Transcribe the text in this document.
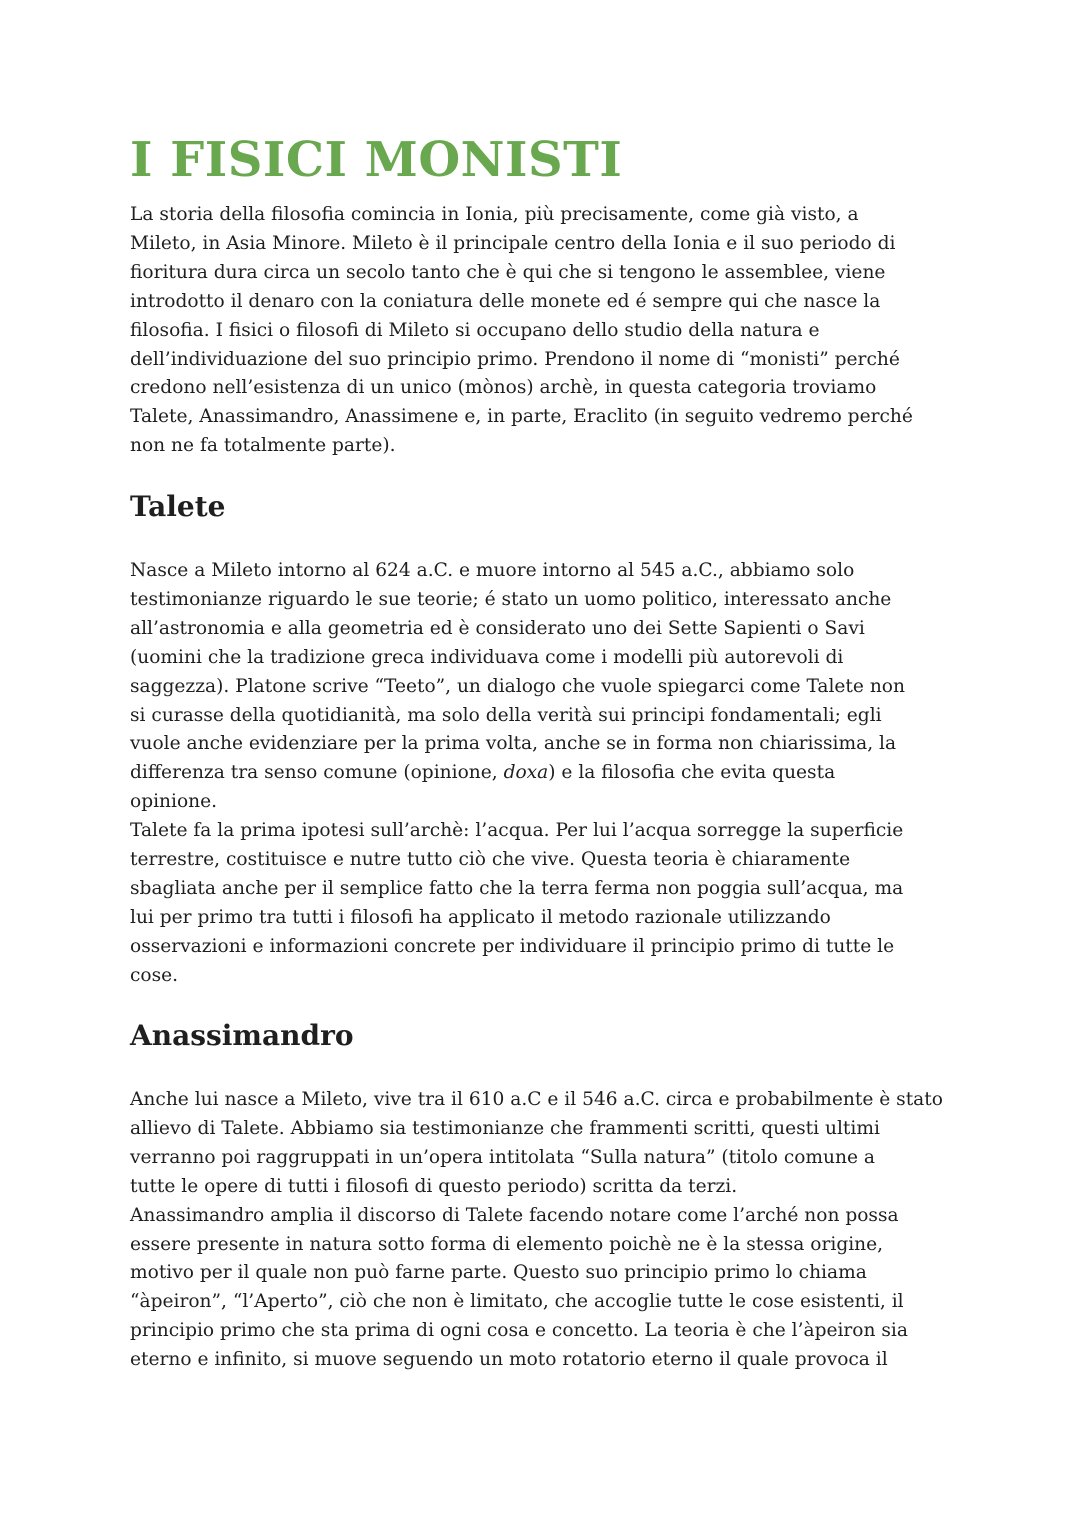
I FISICI MONISTI
La storia della filosofia comincia in Ionia, più precisamente, come già visto, a
Mileto, in Asia Minore. Mileto è il principale centro della Ionia e il suo periodo di
fioritura dura circa un secolo tanto che è qui che si tengono le assemblee, viene
introdotto il denaro con la coniatura delle monete ed é sempre qui che nasce la
filosofia. I fisici o filosofi di Mileto si occupano dello studio della natura e
dell’individuazione del suo principio primo. Prendono il nome di “monisti” perché
credono nell’esistenza di un unico (mònos) archè, in questa categoria troviamo
Talete, Anassimandro, Anassimene e, in parte, Eraclito (in seguito vedremo perché
non ne fa totalmente parte).
Talete
Nasce a Mileto intorno al 624 a.C. e muore intorno al 545 a.C., abbiamo solo
testimonianze riguardo le sue teorie; é stato un uomo politico, interessato anche
all’astronomia e alla geometria ed è considerato uno dei Sette Sapienti o Savi
(uomini che la tradizione greca individuava come i modelli più autorevoli di
saggezza). Platone scrive “Teeto”, un dialogo che vuole spiegarci come Talete non
si curasse della quotidianità, ma solo della verità sui principi fondamentali; egli
vuole anche evidenziare per la prima volta, anche se in forma non chiarissima, la
differenza tra senso comune (opinione, doxa) e la filosofia che evita questa
opinione.
Talete fa la prima ipotesi sull’archè: l’acqua. Per lui l’acqua sorregge la superficie
terrestre, costituisce e nutre tutto ciò che vive. Questa teoria è chiaramente
sbagliata anche per il semplice fatto che la terra ferma non poggia sull’acqua, ma
lui per primo tra tutti i filosofi ha applicato il metodo razionale utilizzando
osservazioni e informazioni concrete per individuare il principio primo di tutte le
cose.
Anassimandro
Anche lui nasce a Mileto, vive tra il 610 a.C e il 546 a.C. circa e probabilmente è stato
allievo di Talete. Abbiamo sia testimonianze che frammenti scritti, questi ultimi
verranno poi raggruppati in un’opera intitolata “Sulla natura” (titolo comune a
tutte le opere di tutti i filosofi di questo periodo) scritta da terzi.
Anassimandro amplia il discorso di Talete facendo notare come l’arché non possa
essere presente in natura sotto forma di elemento poichè ne è la stessa origine,
motivo per il quale non può farne parte. Questo suo principio primo lo chiama
“àpeiron”, “l’Aperto”, ciò che non è limitato, che accoglie tutte le cose esistenti, il
principio primo che sta prima di ogni cosa e concetto. La teoria è che l’àpeiron sia
eterno e infinito, si muove seguendo un moto rotatorio eterno il quale provoca il
